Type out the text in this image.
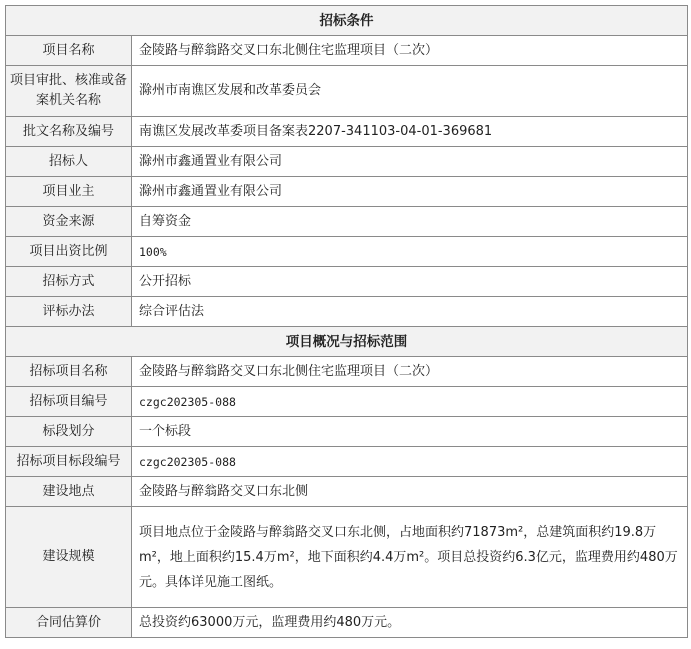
招标条件	
项目名称	金陵路与醉翁路交叉口东北侧住宅监理项目（二次）
项目审批、核准或备案机关名称	滁州市南谯区发展和改革委员会
批文名称及编号	南谯区发展改革委项目备案表2207-341103-04-01-369681
招标人	滁州市鑫通置业有限公司
项目业主	滁州市鑫通置业有限公司
资金来源	自筹资金
项目出资比例	100%
招标方式	公开招标
评标办法	综合评估法
项目概况与招标范围	
招标项目名称	金陵路与醉翁路交叉口东北侧住宅监理项目（二次）
招标项目编号	czgc202305-088
标段划分	一个标段
招标项目标段编号	czgc202305-088
建设地点	金陵路与醉翁路交叉口东北侧
建设规模	项目地点位于金陵路与醉翁路交叉口东北侧，占地面积约71873m²，总建筑面积约19.8万m²，地上面积约15.4万m²，地下面积约4.4万m²。项目总投资约6.3亿元，监理费用约480万元。具体详见施工图纸。
合同估算价	总投资约63000万元，监理费用约480万元。
